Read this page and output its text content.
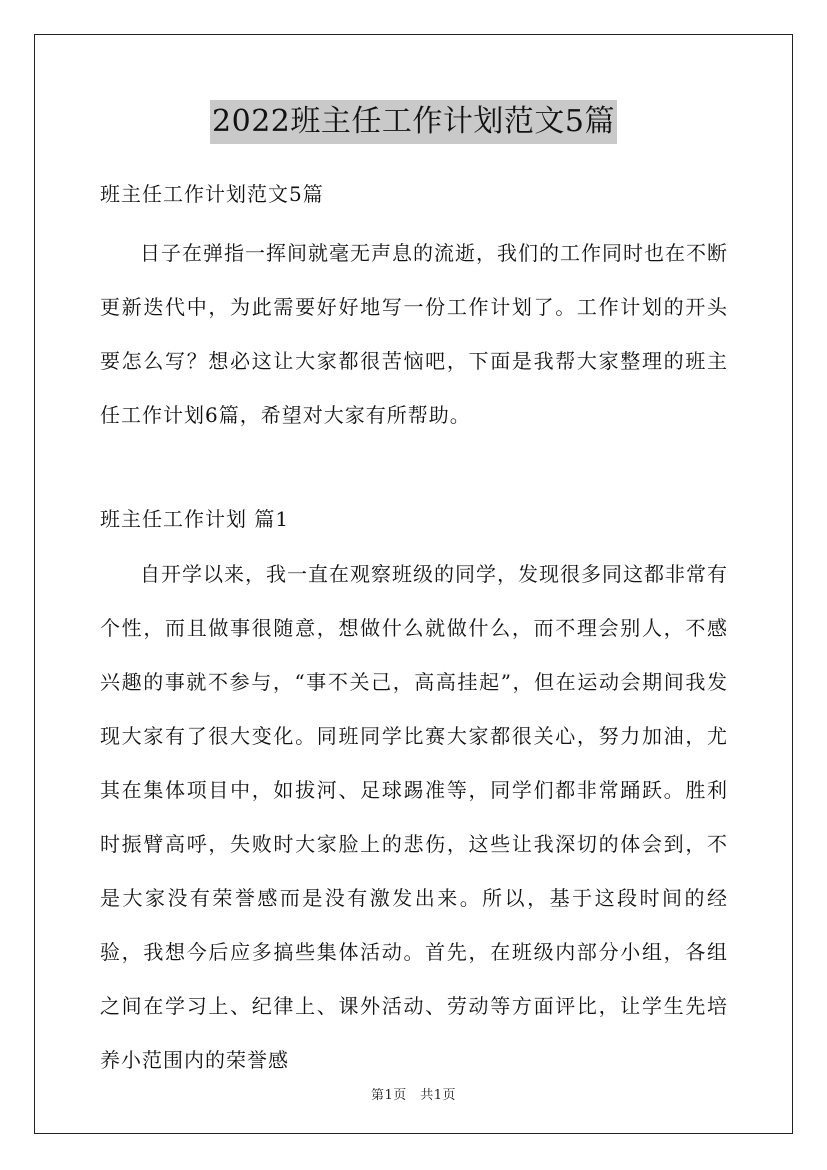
2022班主任工作计划范文5篇
班主任工作计划范文5篇

日子在弹指一挥间就毫无声息的流逝，我们的工作同时也在不断更新迭代中，为此需要好好地写一份工作计划了。工作计划的开头要怎么写？想必这让大家都很苦恼吧，下面是我帮大家整理的班主任工作计划6篇，希望对大家有所帮助。

班主任工作计划 篇1

自开学以来，我一直在观察班级的同学，发现很多同这都非常有个性，而且做事很随意，想做什么就做什么，而不理会别人，不感兴趣的事就不参与，“事不关己，高高挂起”，但在运动会期间我发现大家有了很大变化。同班同学比赛大家都很关心，努力加油，尤其在集体项目中，如拔河、足球踢准等，同学们都非常踊跃。胜利时振臂高呼，失败时大家脸上的悲伤，这些让我深切的体会到，不是大家没有荣誉感而是没有激发出来。所以，基于这段时间的经验，我想今后应多搞些集体活动。首先，在班级内部分小组，各组之间在学习上、纪律上、课外活动、劳动等方面评比，让学生先培养小范围内的荣誉感

第1页　共1页
